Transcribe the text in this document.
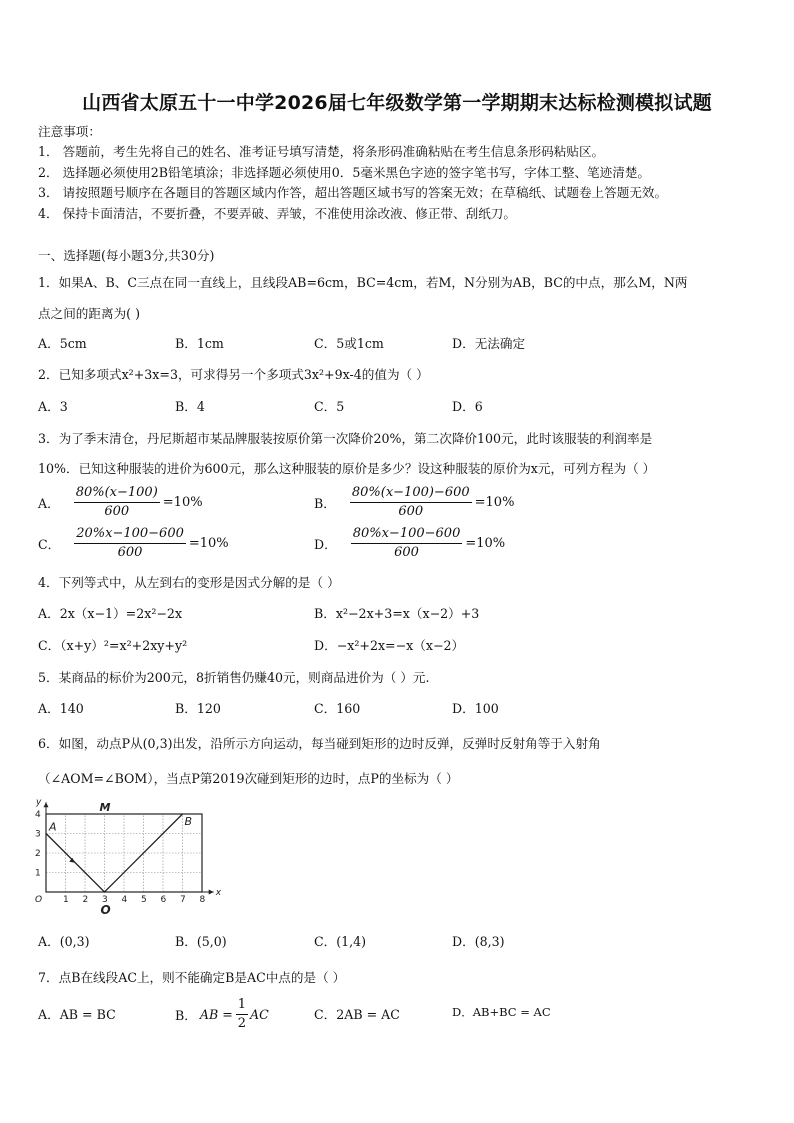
山西省太原五十一中学2026届七年级数学第一学期期末达标检测模拟试题
注意事项：
1． 答题前，考生先将自己的姓名、准考证号填写清楚，将条形码准确粘贴在考生信息条形码粘贴区。
2． 选择题必须使用2B铅笔填涂；非选择题必须使用0．5毫米黑色字迹的签字笔书写，字体工整、笔迹清楚。
3． 请按照题号顺序在各题目的答题区域内作答，超出答题区域书写的答案无效；在草稿纸、试题卷上答题无效。
4． 保持卡面清洁，不要折叠，不要弄破、弄皱，不准使用涂改液、修正带、刮纸刀。
一、选择题(每小题3分,共30分)
1．如果A、B、C三点在同一直线上，且线段AB=6cm，BC=4cm，若M，N分别为AB，BC的中点，那么M，N两
点之间的距离为( )
A．5cm	B．1cm	C．5或1cm	D．无法确定
2．已知多项式x²+3x=3，可求得另一个多项式3x²+9x-4的值为（ ）
A．3	B．4	C．5	D．6
3．为了季末清仓，丹尼斯超市某品牌服装按原价第一次降价20%，第二次降价100元，此时该服装的利润率是
10%．已知这种服装的进价为600元，那么这种服装的原价是多少？设这种服装的原价为x元，可列方程为（ ）
A． $\frac{80\%(x-100)}{600} =10\%$	B． $\frac{80\%(x-100)-600}{600} =10\%$
C． $\frac{20\%x-100-600}{600} =10\%$	D． $\frac{80\%x-100-600}{600} =10\%$
4．下列等式中，从左到右的变形是因式分解的是（ ）
A．2x（x−1）=2x²−2x	B．x²−2x+3=x（x−2）+3
C．（x+y）²=x²+2xy+y²	D．−x²+2x=−x（x−2）
5．某商品的标价为200元，8折销售仍赚40元，则商品进价为（ ）元.
A．140	B．120	C．160	D．100
6．如图，动点P从(0,3)出发，沿所示方向运动，每当碰到矩形的边时反弹，反弹时反射角等于入射角
（∠AOM=∠BOM），当点P第2019次碰到矩形的边时，点P的坐标为（ ）
1 2 3 4 5 6 7 8
1
2
3
4
O
y
x
A
M
B
O
A．(0,3)	B．(5,0)	C．(1,4)	D．(8,3)
7．点B在线段AC上，则不能确定B是AC中点的是（ ）
A．AB = BC	B． AB = $\frac{1}{2}$ AC	C．2AB = AC	D．AB+BC = AC
